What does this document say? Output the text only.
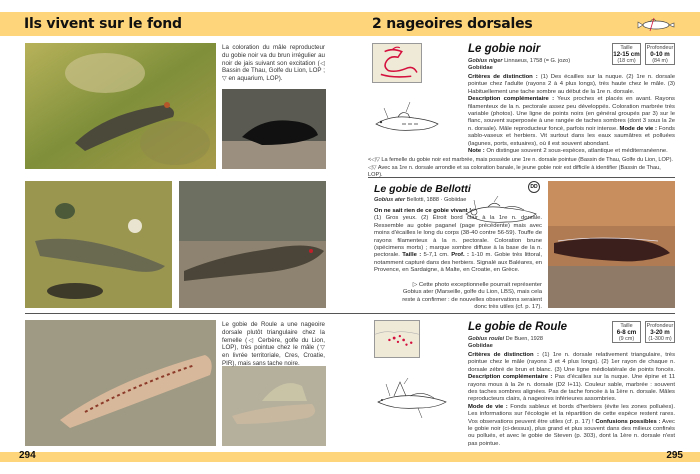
Ils vivent sur le fond	2 nageoires dorsales
La coloration du mâle reproducteur du gobie noir va du brun irrégulier au noir de jais suivant son excitation (◁ Bassin de Thau, Golfe du Lion, LOP ; ▽ en aquarium, LOP).
Le gobie de Roule a une nageoire dorsale plutôt triangulaire chez la femelle (◁ Cerbère, golfe du Lion, LOP), très pointue chez le mâle (▽ en livrée territoriale, Cres, Croatie, PIR), mais sans tache noire.
Le gobie noir
Gobius niger Linnaeus, 1758 (= G. jozo)
Gobiidae
Taille
12-15 cm
(18 cm)
Profondeur
0-10 m
(84 m)
Critères de distinction : (1) Des écailles sur la nuque. (2) 1re n. dorsale pointue chez l'adulte (rayons 2 à 4 plus longs), très haute chez le mâle. (3) Habituellement une tache sombre au début de la 1re n. dorsale.
Description complémentaire : Yeux proches et placés en avant. Rayons filamenteux de la n. pectorale assez peu développés. Coloration marbrée très variable (photos). Une ligne de points noirs (en général groupés par 3) sur le flanc, souvent superposée à une rangée de taches sombres (dont 3 sous la 2e n. dorsale). Mâle reproducteur foncé, parfois noir intense. Mode de vie : Fonds sablo-vaseux et herbiers. Vit surtout dans les eaux saumâtres et polluées (lagunes, ports, estuaires), où il est souvent abondant.
Note : On distingue souvent 2 sous-espèces, atlantique et méditerranéenne.
<◁▽ La femelle du gobie noir est marbrée, mais possède une 1re n. dorsale pointue (Bassin de Thau, Golfe du Lion, LOP).
◁▽ Avec sa 1re n. dorsale arrondie et sa coloration banale, le jeune gobie noir est difficile à identifier (Bassin de Thau, LOP).
Le gobie de Bellotti
Gobius ater Bellotti, 1888 · Gobiidae
DD
On ne sait rien de ce gobie vivant !
(1) Gros yeux. (2) Étroit bord clair à la 1re n. dorsale. Ressemble au gobie paganel (page précédente) mais avec moins d'écailles le long du corps (38-40 contre 56-59). Touffe de rayons filamenteux à la n. pectorale. Coloration brune (spécimens morts) ; marque sombre diffuse à la base de la n. pectorale. Taille : 5-7,1 cm. Prof. : 1-10 m. Gobie très littoral, notamment capturé dans des herbiers. Signalé aux Baléares, en Provence, en Sardaigne, à Malte, en Croatie, en Grèce.
▷ Cette photo exceptionnelle pourrait représenter Gobius ater (Marseille, golfe du Lion, LBS), mais cela reste à confirmer : de nouvelles observations seraient donc très utiles (cf. p. 17).
Le gobie de Roule
Gobius roulei De Buen, 1928
Gobiidae
Taille
6-8 cm
(9 cm)
Profondeur
3-20 m
(1-300 m)
Critères de distinction : (1) 1re n. dorsale relativement triangulaire, très pointue chez le mâle (rayons 3 et 4 plus longs). (2) 1er rayon de chaque n. dorsale zébré de brun et blanc. (3) Une ligne médiolatérale de points foncés. Description complémentaire : Pas d'écailles sur la nuque. Une épine et 11 rayons mous à la 2e n. dorsale (D2 I+11). Couleur sable, marbrée : souvent des taches sombres alignées. Pas de tache foncée à la 1ère n. dorsale. Mâles reproducteurs clairs, à nageoires inférieures assombries.
Mode de vie : Fonds sableux et bords d'herbiers (évite les zones polluées). Les informations sur l'écologie et la répartition de cette espèce restent rares. Vos observations peuvent être utiles (cf. p. 17) ! Confusions possibles : Avec le gobie noir (ci-dessus), plus grand et plus souvent dans des milieux confinés ou pollués, et avec le gobie de Steven (p. 303), dont la 1ère n. dorsale n'est pas pointue.
294	295
